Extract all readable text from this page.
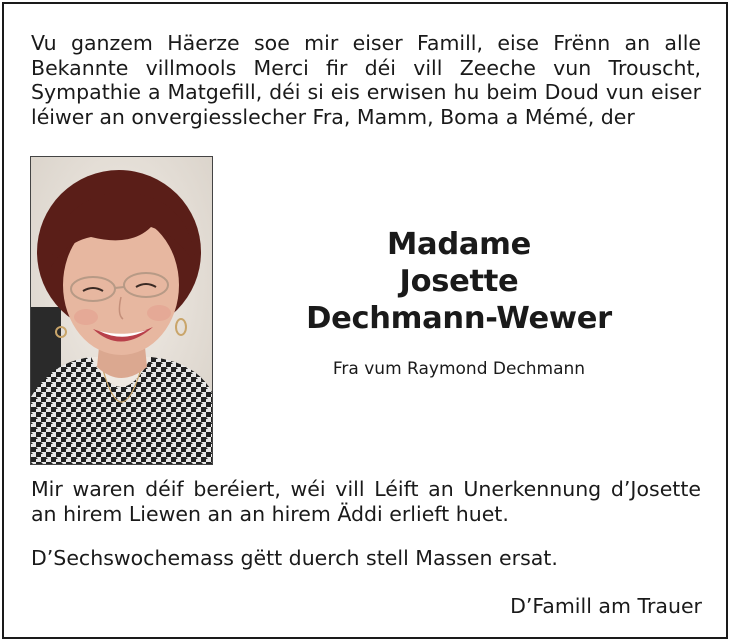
Vu ganzem Häerze soe mir eiser Famill, eise Frënn an alle Bekannte villmools Merci fir déi vill Zeeche vun Trouscht, Sympathie a Matgefill, déi si eis erwisen hu beim Doud vun eiser léiwer an onvergiesslecher Fra, Mamm, Boma a Mémé, der
Madame
Josette
Dechmann-Wewer
Fra vum Raymond Dechmann
Mir waren déif beréiert, wéi vill Léift an Unerkennung d’Josette an hirem Liewen an an hirem Äddi erlieft huet.
D’Sechswochemass gëtt duerch stell Massen ersat.
D’Famill am Trauer
